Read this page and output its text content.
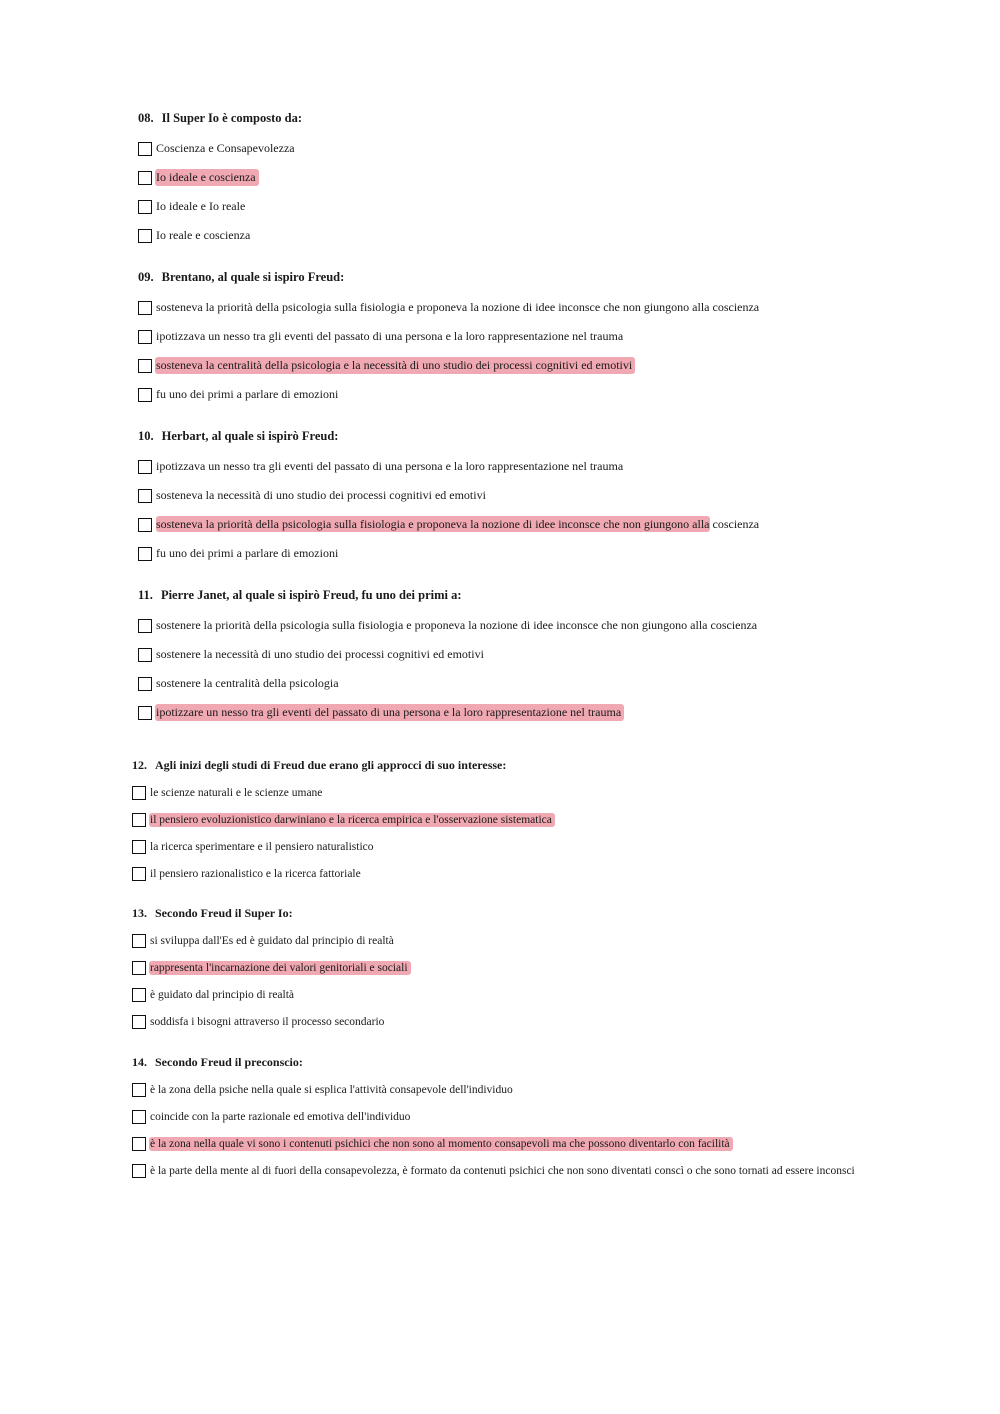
08. Il Super Io è composto da:
Coscienza e Consapevolezza
Io ideale e coscienza
Io ideale e Io reale
Io reale e coscienza
09. Brentano, al quale si ispiro Freud:
sosteneva la priorità della psicologia sulla fisiologia e proponeva la nozione di idee inconsce che non giungono alla coscienza
ipotizzava un nesso tra gli eventi del passato di una persona e la loro rappresentazione nel trauma
sosteneva la centralità della psicologia e la necessità di uno studio dei processi cognitivi ed emotivi
fu uno dei primi a parlare di emozioni
10. Herbart, al quale si ispirò Freud:
ipotizzava un nesso tra gli eventi del passato di una persona e la loro rappresentazione nel trauma
sosteneva la necessità di uno studio dei processi cognitivi ed emotivi
sosteneva la priorità della psicologia sulla fisiologia e proponeva la nozione di idee inconsce che non giungono alla coscienza
fu uno dei primi a parlare di emozioni
11. Pierre Janet, al quale si ispirò Freud, fu uno dei primi a:
sostenere la priorità della psicologia sulla fisiologia e proponeva la nozione di idee inconsce che non giungono alla coscienza
sostenere la necessità di uno studio dei processi cognitivi ed emotivi
sostenere la centralità della psicologia
ipotizzare un nesso tra gli eventi del passato di una persona e la loro rappresentazione nel trauma
12. Agli inizi degli studi di Freud due erano gli approcci di suo interesse:
le scienze naturali e le scienze umane
il pensiero evoluzionistico darwiniano e la ricerca empirica e l'osservazione sistematica
la ricerca sperimentare e il pensiero naturalistico
il pensiero razionalistico e la ricerca fattoriale
13. Secondo Freud il Super Io:
si sviluppa dall'Es ed è guidato dal principio di realtà
rappresenta l'incarnazione dei valori genitoriali e sociali
è guidato dal principio di realtà
soddisfa i bisogni attraverso il processo secondario
14. Secondo Freud il preconscio:
è la zona della psiche nella quale si esplica l'attività consapevole dell'individuo
coincide con la parte razionale ed emotiva dell'individuo
è la zona nella quale vi sono i contenuti psichici che non sono al momento consapevoli ma che possono diventarlo con facilità
è la parte della mente al di fuori della consapevolezza, è formato da contenuti psichici che non sono diventati conscì o che sono tornati ad essere inconsci
